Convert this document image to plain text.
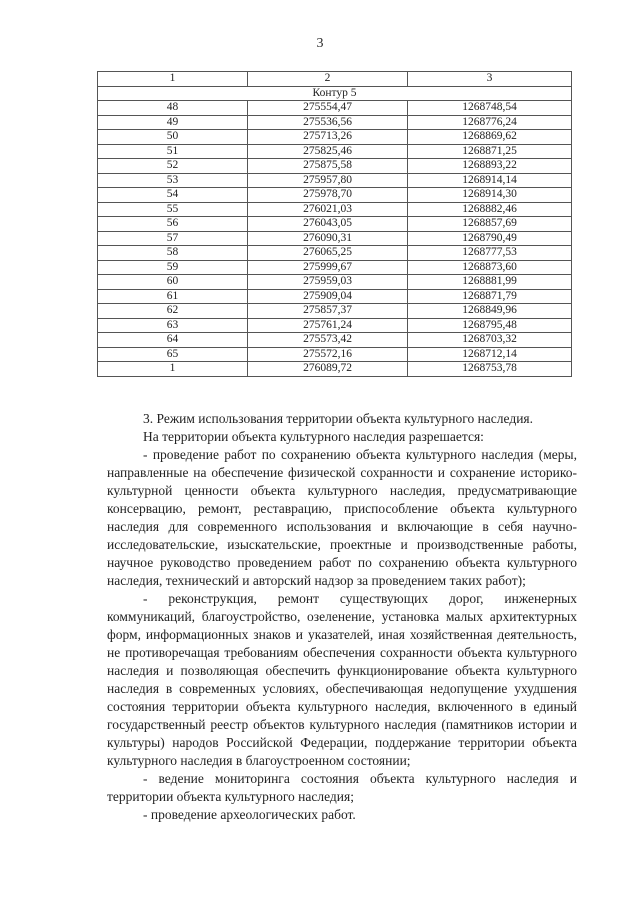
3
1	2	3
Контур 5		
48	275554,47	1268748,54
49	275536,56	1268776,24
50	275713,26	1268869,62
51	275825,46	1268871,25
52	275875,58	1268893,22
53	275957,80	1268914,14
54	275978,70	1268914,30
55	276021,03	1268882,46
56	276043,05	1268857,69
57	276090,31	1268790,49
58	276065,25	1268777,53
59	275999,67	1268873,60
60	275959,03	1268881,99
61	275909,04	1268871,79
62	275857,37	1268849,96
63	275761,24	1268795,48
64	275573,42	1268703,32
65	275572,16	1268712,14
1	276089,72	1268753,78

3. Режим использования территории объекта культурного наследия.

На территории объекта культурного наследия разрешается:

- проведение работ по сохранению объекта культурного наследия (меры, направленные на обеспечение физической сохранности и сохранение историко-культурной ценности объекта культурного наследия, предусматривающие консервацию, ремонт, реставрацию, приспособление объекта культурного наследия для современного использования и включающие в себя научно-исследовательские, изыскательские, проектные и производственные работы, научное руководство проведением работ по сохранению объекта культурного наследия, технический и авторский надзор за проведением таких работ);

- реконструкция, ремонт существующих дорог, инженерных коммуникаций, благоустройство, озеленение, установка малых архитектурных форм, информационных знаков и указателей, иная хозяйственная деятельность, не противоречащая требованиям обеспечения сохранности объекта культурного наследия и позволяющая обеспечить функционирование объекта культурного наследия в современных условиях, обеспечивающая недопущение ухудшения состояния территории объекта культурного наследия, включенного в единый государственный реестр объектов культурного наследия (памятников истории и культуры) народов Российской Федерации, поддержание территории объекта культурного наследия в благоустроенном состоянии;

- ведение мониторинга состояния объекта культурного наследия и территории объекта культурного наследия;

- проведение археологических работ.
